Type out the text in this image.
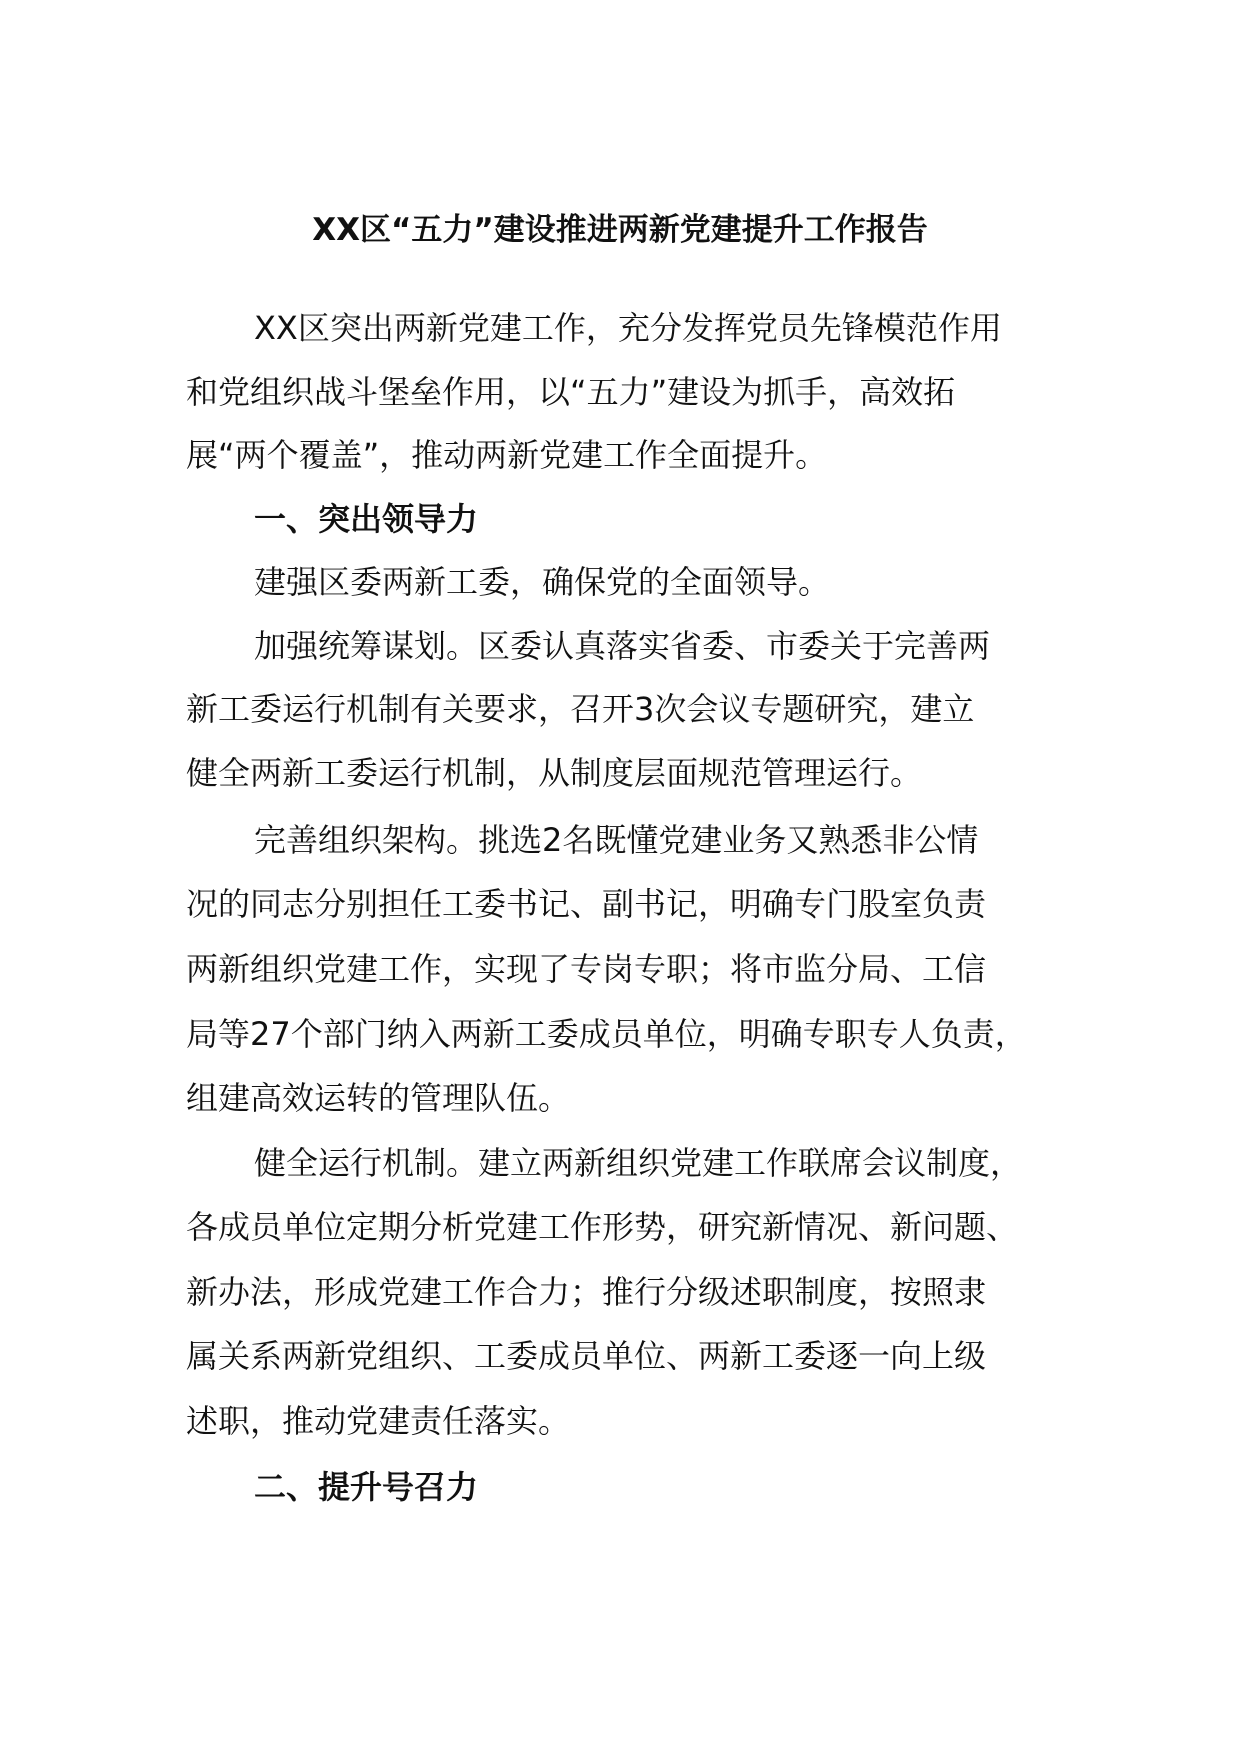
XX区“五力”建设推进两新党建提升工作报告
XX区突出两新党建工作，充分发挥党员先锋模范作用
和党组织战斗堡垒作用，以“五力”建设为抓手，高效拓
展“两个覆盖”，推动两新党建工作全面提升。
一、突出领导力
建强区委两新工委，确保党的全面领导。
加强统筹谋划。区委认真落实省委、市委关于完善两
新工委运行机制有关要求，召开3次会议专题研究，建立
健全两新工委运行机制，从制度层面规范管理运行。
完善组织架构。挑选2名既懂党建业务又熟悉非公情
况的同志分别担任工委书记、副书记，明确专门股室负责
两新组织党建工作，实现了专岗专职；将市监分局、工信
局等27个部门纳入两新工委成员单位，明确专职专人负责，
组建高效运转的管理队伍。
健全运行机制。建立两新组织党建工作联席会议制度，
各成员单位定期分析党建工作形势，研究新情况、新问题、
新办法，形成党建工作合力；推行分级述职制度，按照隶
属关系两新党组织、工委成员单位、两新工委逐一向上级
述职，推动党建责任落实。
二、提升号召力
